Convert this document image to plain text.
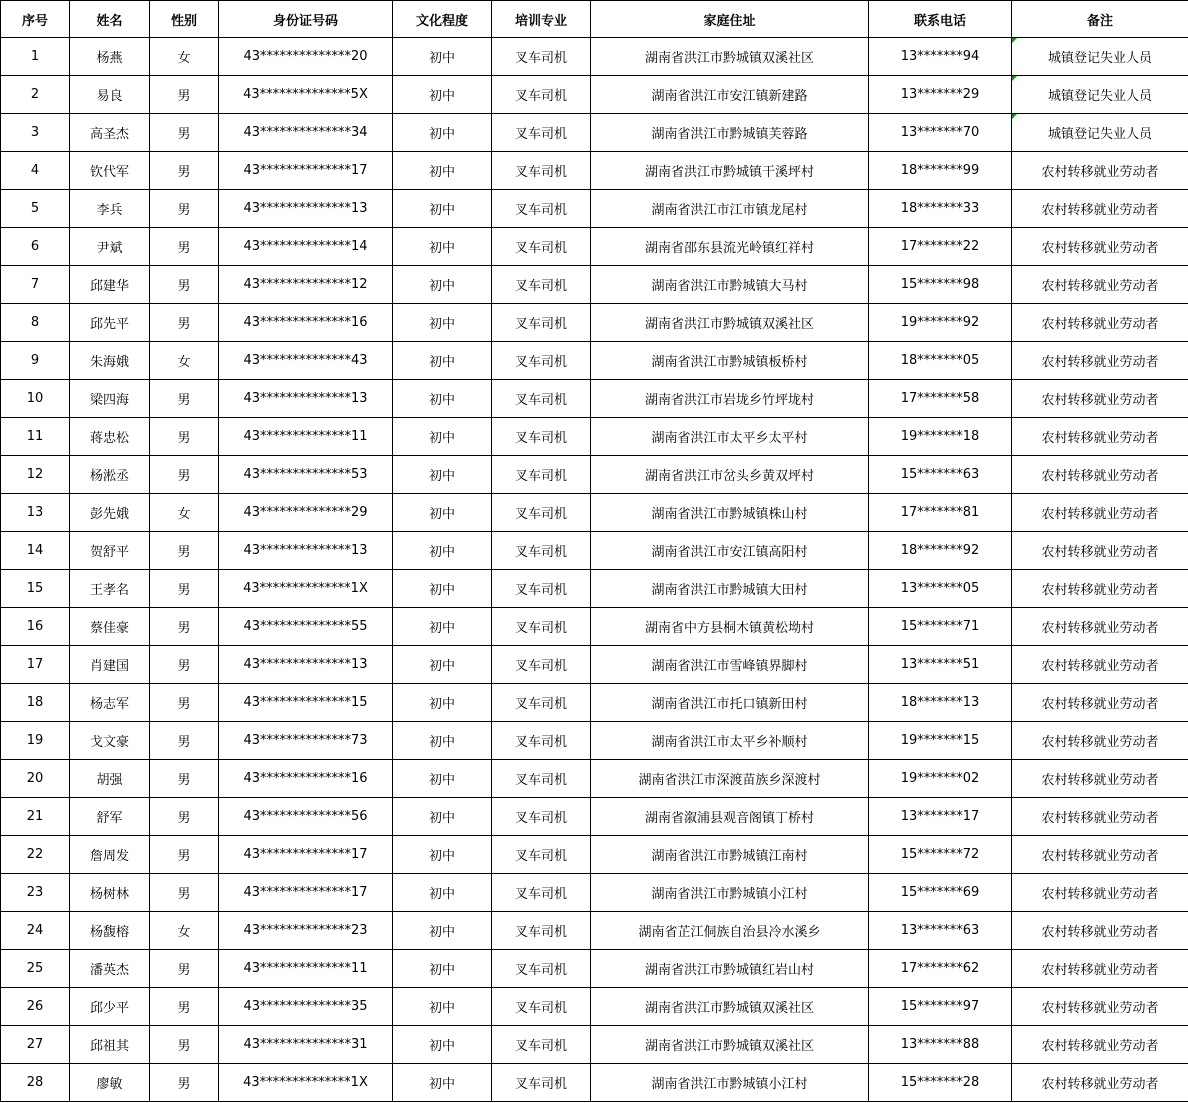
序号	姓名	性别	身份证号码	文化程度	培训专业	家庭住址	联系电话	备注
1	杨燕	女	43**************20	初中	叉车司机	湖南省洪江市黔城镇双溪社区	13*******94	城镇登记失业人员
2	易良	男	43**************5X	初中	叉车司机	湖南省洪江市安江镇新建路	13*******29	城镇登记失业人员
3	高圣杰	男	43**************34	初中	叉车司机	湖南省洪江市黔城镇芙蓉路	13*******70	城镇登记失业人员
4	钦代军	男	43**************17	初中	叉车司机	湖南省洪江市黔城镇干溪坪村	18*******99	农村转移就业劳动者
5	李兵	男	43**************13	初中	叉车司机	湖南省洪江市江市镇龙尾村	18*******33	农村转移就业劳动者
6	尹斌	男	43**************14	初中	叉车司机	湖南省邵东县流光岭镇红祥村	17*******22	农村转移就业劳动者
7	邱建华	男	43**************12	初中	叉车司机	湖南省洪江市黔城镇大马村	15*******98	农村转移就业劳动者
8	邱先平	男	43**************16	初中	叉车司机	湖南省洪江市黔城镇双溪社区	19*******92	农村转移就业劳动者
9	朱海娥	女	43**************43	初中	叉车司机	湖南省洪江市黔城镇板桥村	18*******05	农村转移就业劳动者
10	梁四海	男	43**************13	初中	叉车司机	湖南省洪江市岩垅乡竹坪垅村	17*******58	农村转移就业劳动者
11	蒋忠松	男	43**************11	初中	叉车司机	湖南省洪江市太平乡太平村	19*******18	农村转移就业劳动者
12	杨淞丞	男	43**************53	初中	叉车司机	湖南省洪江市岔头乡黄双坪村	15*******63	农村转移就业劳动者
13	彭先娥	女	43**************29	初中	叉车司机	湖南省洪江市黔城镇株山村	17*******81	农村转移就业劳动者
14	贺舒平	男	43**************13	初中	叉车司机	湖南省洪江市安江镇高阳村	18*******92	农村转移就业劳动者
15	王孝名	男	43**************1X	初中	叉车司机	湖南省洪江市黔城镇大田村	13*******05	农村转移就业劳动者
16	蔡佳豪	男	43**************55	初中	叉车司机	湖南省中方县桐木镇黄松坳村	15*******71	农村转移就业劳动者
17	肖建国	男	43**************13	初中	叉车司机	湖南省洪江市雪峰镇界脚村	13*******51	农村转移就业劳动者
18	杨志军	男	43**************15	初中	叉车司机	湖南省洪江市托口镇新田村	18*******13	农村转移就业劳动者
19	戈文豪	男	43**************73	初中	叉车司机	湖南省洪江市太平乡补顺村	19*******15	农村转移就业劳动者
20	胡强	男	43**************16	初中	叉车司机	湖南省洪江市深渡苗族乡深渡村	19*******02	农村转移就业劳动者
21	舒军	男	43**************56	初中	叉车司机	湖南省溆浦县观音阁镇丁桥村	13*******17	农村转移就业劳动者
22	詹周发	男	43**************17	初中	叉车司机	湖南省洪江市黔城镇江南村	15*******72	农村转移就业劳动者
23	杨树林	男	43**************17	初中	叉车司机	湖南省洪江市黔城镇小江村	15*******69	农村转移就业劳动者
24	杨馥榕	女	43**************23	初中	叉车司机	湖南省芷江侗族自治县冷水溪乡	13*******63	农村转移就业劳动者
25	潘英杰	男	43**************11	初中	叉车司机	湖南省洪江市黔城镇红岩山村	17*******62	农村转移就业劳动者
26	邱少平	男	43**************35	初中	叉车司机	湖南省洪江市黔城镇双溪社区	15*******97	农村转移就业劳动者
27	邱祖其	男	43**************31	初中	叉车司机	湖南省洪江市黔城镇双溪社区	13*******88	农村转移就业劳动者
28	廖敏	男	43**************1X	初中	叉车司机	湖南省洪江市黔城镇小江村	15*******28	农村转移就业劳动者
